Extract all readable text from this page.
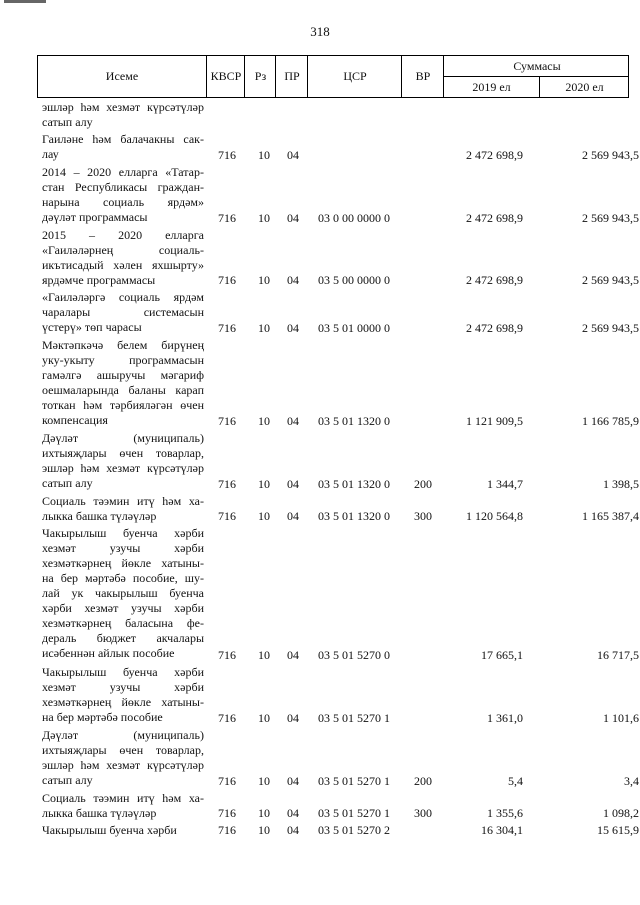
318
Исеме	КВСР	Рз	ПР	ЦСР	ВР
Суммасы
2019 ел	2020 ел
эшләр һәм хезмәт күрсәтүләр
сатып алу
Гаиләне һәм балачакны сак-
лау	716 10 04	2 472 698,9	2 569 943,5
2014 – 2020 елларга «Татар-
стан Республикасы граждан-
нарына социаль ярдәм»
дәүләт программасы	716 10 04 03 0 00 0000 0	2 472 698,9	2 569 943,5
2015 – 2020 елларга
«Гаиләләрнең социаль-
икътисадый хәлен яхшырту»
ярдәмче программасы	716 10 04 03 5 00 0000 0	2 472 698,9	2 569 943,5
«Гаиләләргә социаль ярдәм
чаралары системасын
үстерү» төп чарасы	716 10 04 03 5 01 0000 0	2 472 698,9	2 569 943,5
Мәктәпкәчә белем бирүнең
уку-укыту программасын
гамәлгә ашыручы мәгариф
оешмаларында баланы карап
тоткан һәм тәрбияләгән өчен
компенсация	716 10 04 03 5 01 1320 0	1 121 909,5	1 166 785,9
Дәүләт (муниципаль)
ихтыяҗлары өчен товарлар,
эшләр һәм хезмәт күрсәтүләр
сатып алу	716 10 04 03 5 01 1320 0 200	1 344,7	1 398,5
Социаль тәэмин итү һәм ха-
лыкка башка түләүләр	716 10 04 03 5 01 1320 0 300	1 120 564,8	1 165 387,4
Чакырылыш буенча хәрби
хезмәт узучы хәрби
хезмәткәрнең йөкле хатыны-
на бер мәртәбә пособие, шу-
лай ук чакырылыш буенча
хәрби хезмәт узучы хәрби
хезмәткәрнең баласына фе-
дераль бюджет акчалары
исәбеннән айлык пособие	716 10 04 03 5 01 5270 0	17 665,1	16 717,5
Чакырылыш буенча хәрби
хезмәт узучы хәрби
хезмәткәрнең йөкле хатыны-
на бер мәртәбә пособие	716 10 04 03 5 01 5270 1	1 361,0	1 101,6
Дәүләт (муниципаль)
ихтыяҗлары өчен товарлар,
эшләр һәм хезмәт күрсәтүләр
сатып алу	716 10 04 03 5 01 5270 1 200	5,4	3,4
Социаль тәэмин итү һәм ха-
лыкка башка түләүләр	716 10 04 03 5 01 5270 1 300	1 355,6	1 098,2
Чакырылыш буенча хәрби	716 10 04 03 5 01 5270 2	16 304,1	15 615,9
